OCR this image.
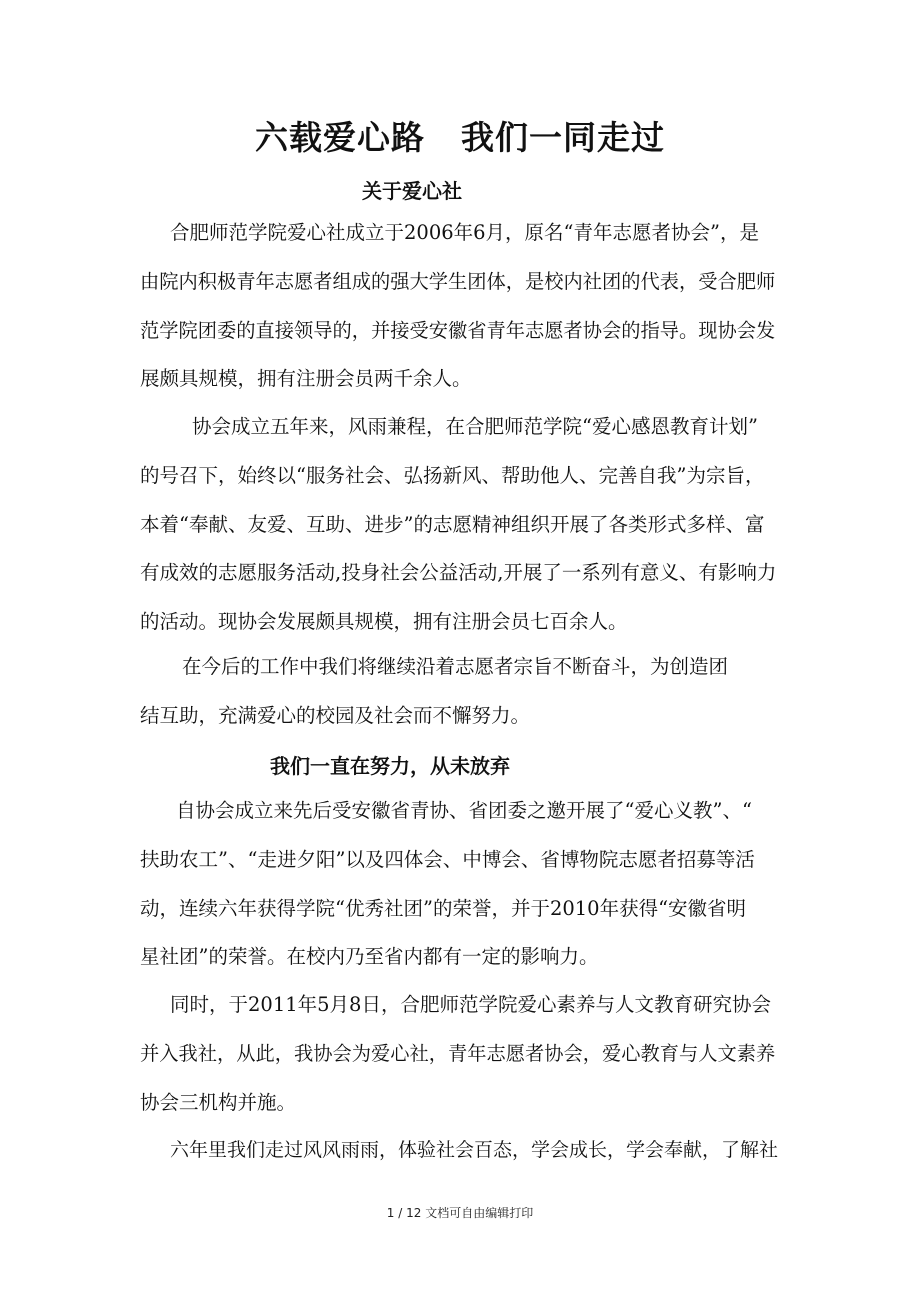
六载爱心路 我们一同走过
关于爱心社
合肥师范学院爱心社成立于2006年6月，原名“青年志愿者协会”，是
由院内积极青年志愿者组成的强大学生团体，是校内社团的代表，受合肥师
范学院团委的直接领导的，并接受安徽省青年志愿者协会的指导。现协会发
展颇具规模，拥有注册会员两千余人。
协会成立五年来，风雨兼程，在合肥师范学院“爱心感恩教育计划”
的号召下，始终以“服务社会、弘扬新风、帮助他人、完善自我”为宗旨，
本着“奉献、友爱、互助、进步”的志愿精神组织开展了各类形式多样、富
有成效的志愿服务活动,投身社会公益活动,开展了一系列有意义、有影响力
的活动。现协会发展颇具规模，拥有注册会员七百余人。
在今后的工作中我们将继续沿着志愿者宗旨不断奋斗，为创造团
结互助，充满爱心的校园及社会而不懈努力。
我们一直在努力，从未放弃
自协会成立来先后受安徽省青协、省团委之邀开展了“爱心义教”、“
扶助农工”、“走进夕阳”以及四体会、中博会、省博物院志愿者招募等活
动，连续六年获得学院“优秀社团”的荣誉，并于2010年获得“安徽省明
星社团”的荣誉。在校内乃至省内都有一定的影响力。
同时，于2011年5月8日，合肥师范学院爱心素养与人文教育研究协会
并入我社，从此，我协会为爱心社，青年志愿者协会，爱心教育与人文素养
协会三机构并施。
六年里我们走过风风雨雨，体验社会百态，学会成长，学会奉献，了解社
1 / 12 文档可自由编辑打印
